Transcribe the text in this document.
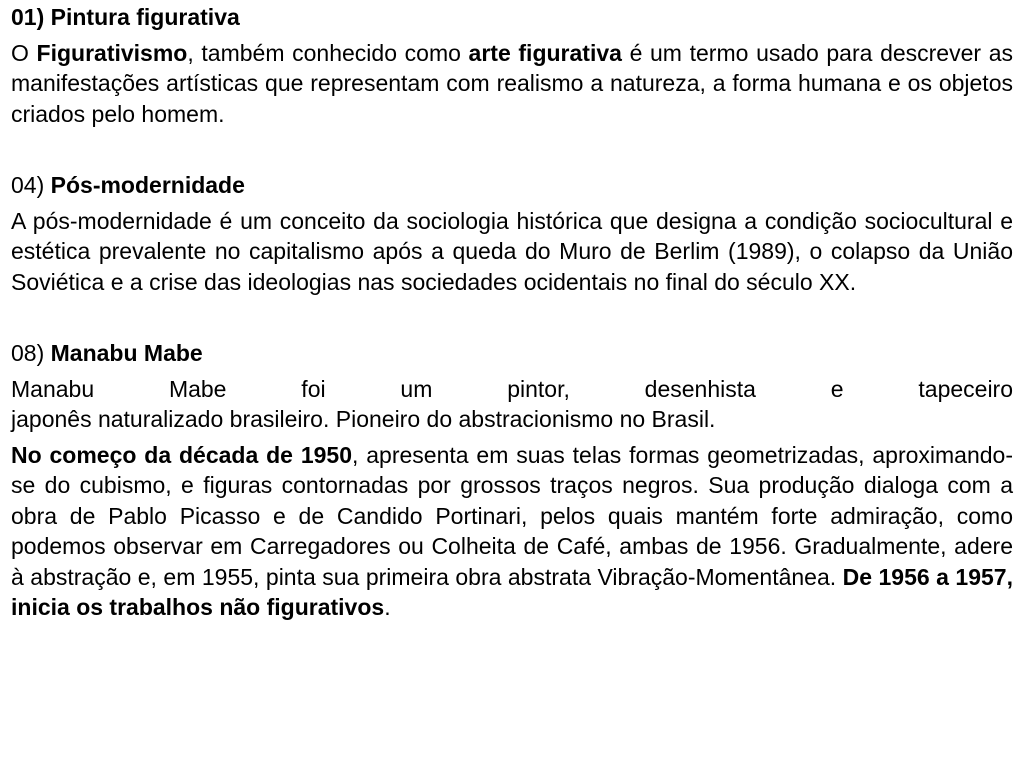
01) Pintura figurativa

O Figurativismo, também conhecido como arte figurativa é um termo usado para descrever as manifestações artísticas que representam com realismo a natureza, a forma humana e os objetos criados pelo homem.

04) Pós-modernidade

A pós-modernidade é um conceito da sociologia histórica que designa a condição sociocultural e estética prevalente no capitalismo após a queda do Muro de Berlim (1989), o colapso da União Soviética e a crise das ideologias nas sociedades ocidentais no final do século XX.

08) Manabu Mabe

Manabu Mabe foi um pintor, desenhista e tapeceiro

japonês naturalizado brasileiro. Pioneiro do abstracionismo no Brasil.

No começo da década de 1950, apresenta em suas telas formas geometrizadas, aproximando-se do cubismo, e figuras contornadas por grossos traços negros. Sua produção dialoga com a obra de Pablo Picasso e de Candido Portinari, pelos quais mantém forte admiração, como podemos observar em Carregadores ou Colheita de Café, ambas de 1956. Gradualmente, adere à abstração e, em 1955, pinta sua primeira obra abstrata Vibração-Momentânea. De 1956 a 1957, inicia os trabalhos não figurativos.
